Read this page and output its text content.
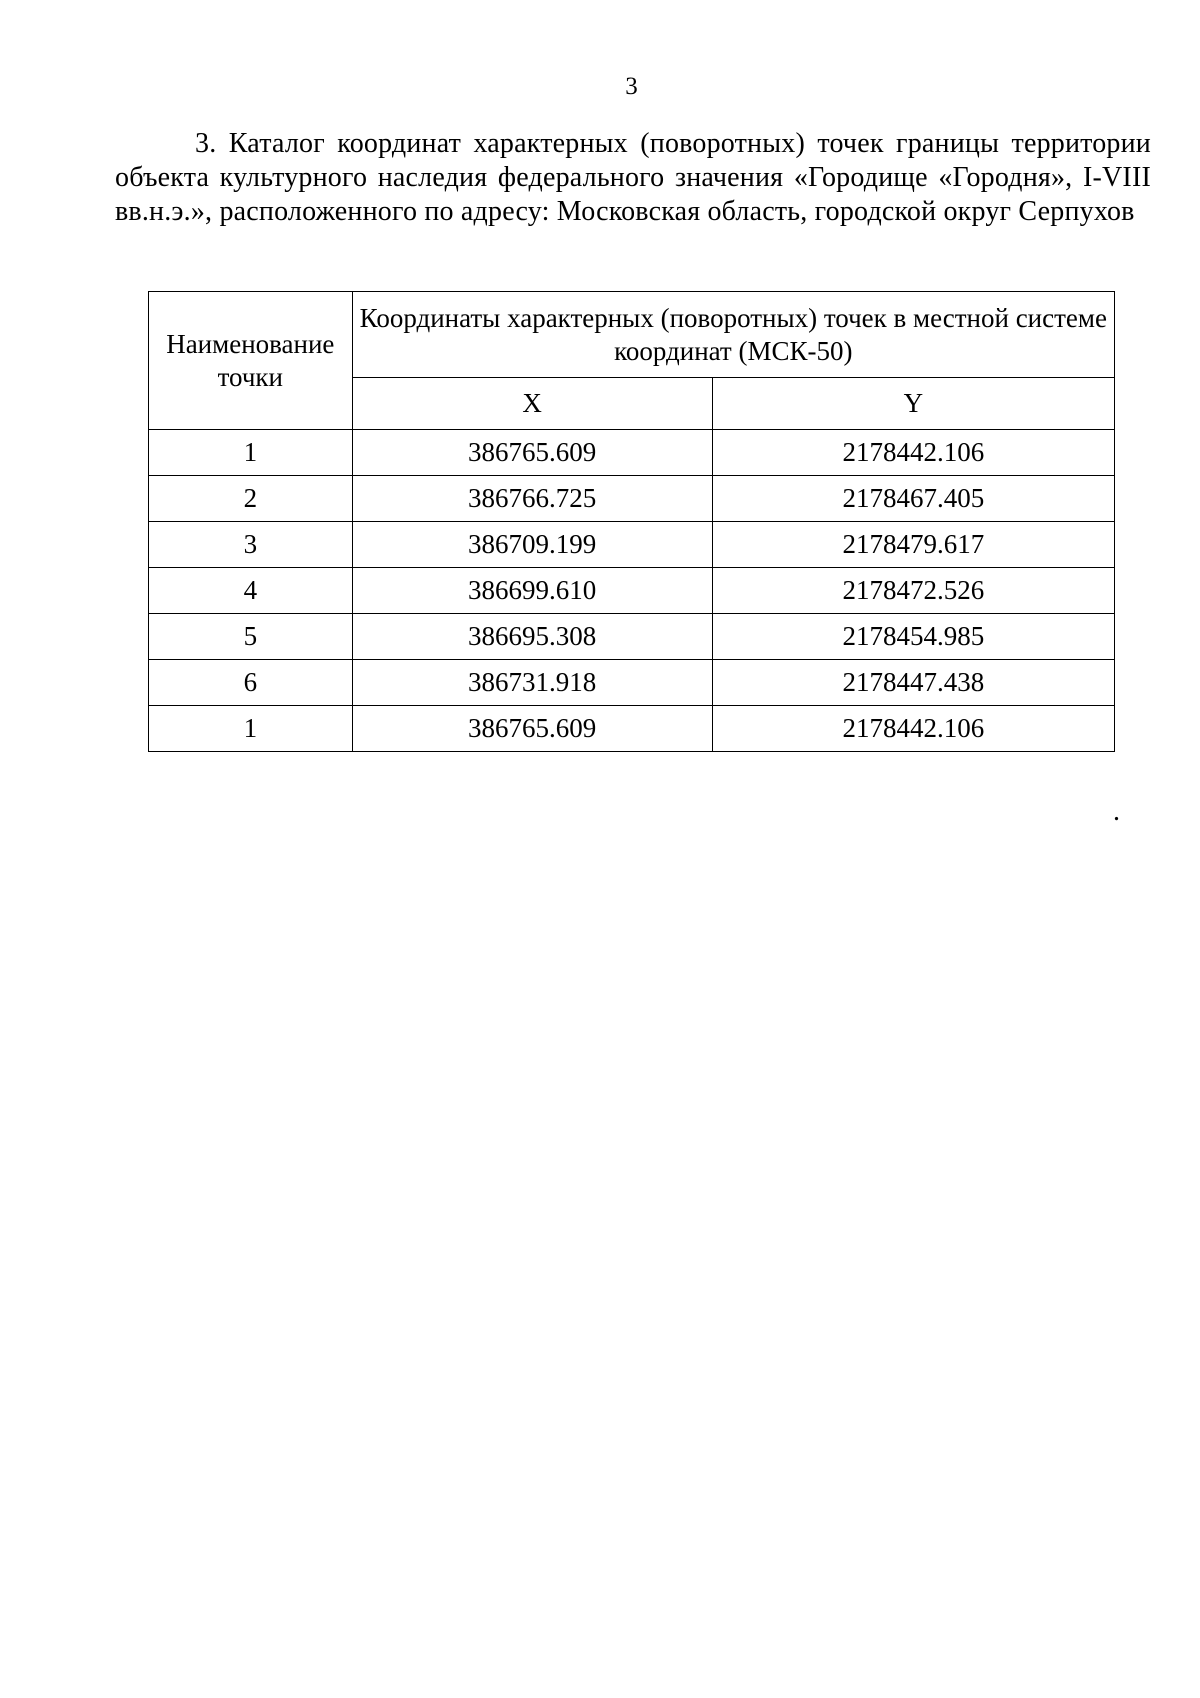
3
3. Каталог координат характерных (поворотных) точек границы территории объекта культурного наследия федерального значения «Городище «Городня», I-VIII вв.н.э.», расположенного по адресу: Московская область, городской округ Серпухов
Наименование точки	Координаты характерных (поворотных) точек в местной системе координат (МСК-50)	
	X	Y
1	386765.609	2178442.106
2	386766.725	2178467.405
3	386709.199	2178479.617
4	386699.610	2178472.526
5	386695.308	2178454.985
6	386731.918	2178447.438
1	386765.609	2178442.106
.
